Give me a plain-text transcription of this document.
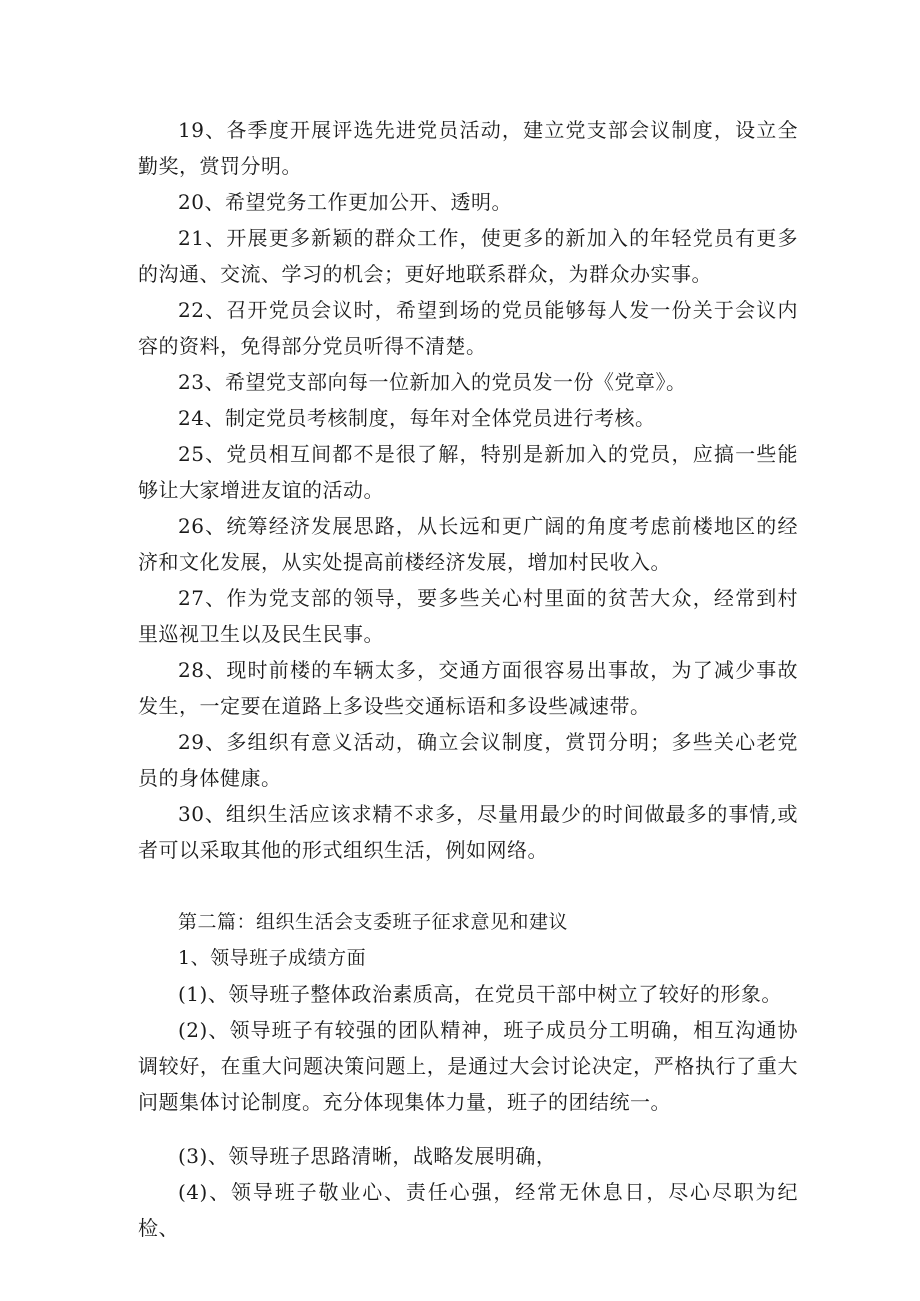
19、各季度开展评选先进党员活动，建立党支部会议制度，设立全勤奖，赏罚分明。

20、希望党务工作更加公开、透明。

21、开展更多新颖的群众工作，使更多的新加入的年轻党员有更多的沟通、交流、学习的机会；更好地联系群众，为群众办实事。

22、召开党员会议时，希望到场的党员能够每人发一份关于会议内容的资料，免得部分党员听得不清楚。

23、希望党支部向每一位新加入的党员发一份《党章》。

24、制定党员考核制度，每年对全体党员进行考核。

25、党员相互间都不是很了解，特别是新加入的党员，应搞一些能够让大家增进友谊的活动。

26、统筹经济发展思路，从长远和更广阔的角度考虑前楼地区的经济和文化发展，从实处提高前楼经济发展，增加村民收入。

27、作为党支部的领导，要多些关心村里面的贫苦大众，经常到村里巡视卫生以及民生民事。

28、现时前楼的车辆太多，交通方面很容易出事故，为了减少事故发生，一定要在道路上多设些交通标语和多设些减速带。

29、多组织有意义活动，确立会议制度，赏罚分明；多些关心老党员的身体健康。

30、组织生活应该求精不求多，尽量用最少的时间做最多的事情,或者可以采取其他的形式组织生活，例如网络。

第二篇：组织生活会支委班子征求意见和建议

1、领导班子成绩方面

(1)、领导班子整体政治素质高，在党员干部中树立了较好的形象。

(2)、领导班子有较强的团队精神，班子成员分工明确，相互沟通协调较好，在重大问题决策问题上，是通过大会讨论决定，严格执行了重大问题集体讨论制度。充分体现集体力量，班子的团结统一。

(3)、领导班子思路清晰，战略发展明确，

(4)、领导班子敬业心、责任心强，经常无休息日，尽心尽职为纪检、
